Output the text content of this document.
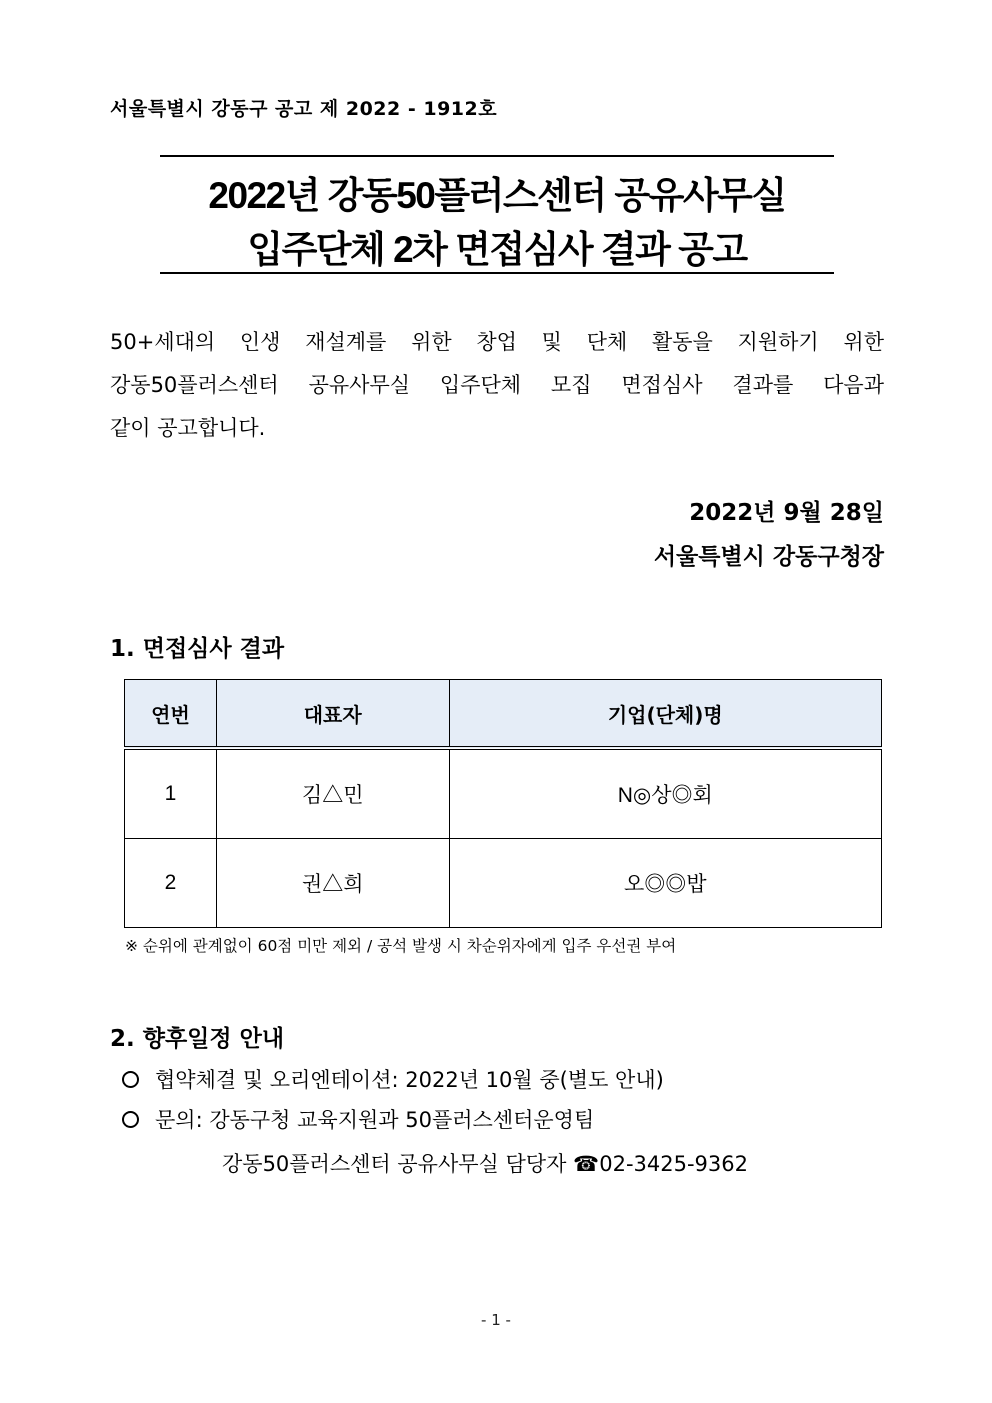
서울특별시 강동구 공고 제 2022 - 1912호
2022년 강동50플러스센터 공유사무실
입주단체 2차 면접심사 결과 공고
50+세대의 인생 재설계를 위한 창업 및 단체 활동을 지원하기 위한
강동50플러스센터 공유사무실 입주단체 모집 면접심사 결과를 다음과
같이 공고합니다.
2022년 9월 28일
서울특별시 강동구청장
1. 면접심사 결과
연번	대표자	기업(단체)명
1	김△민	N◎상◎회
2	권△희	오◎◎밥
※ 순위에 관계없이 60점 미만 제외 / 공석 발생 시 차순위자에게 입주 우선권 부여
2. 향후일정 안내
협약체결 및 오리엔테이션: 2022년 10월 중(별도 안내)
문의: 강동구청 교육지원과 50플러스센터운영팀
강동50플러스센터 공유사무실 담당자 ☎02-3425-9362
- 1 -
